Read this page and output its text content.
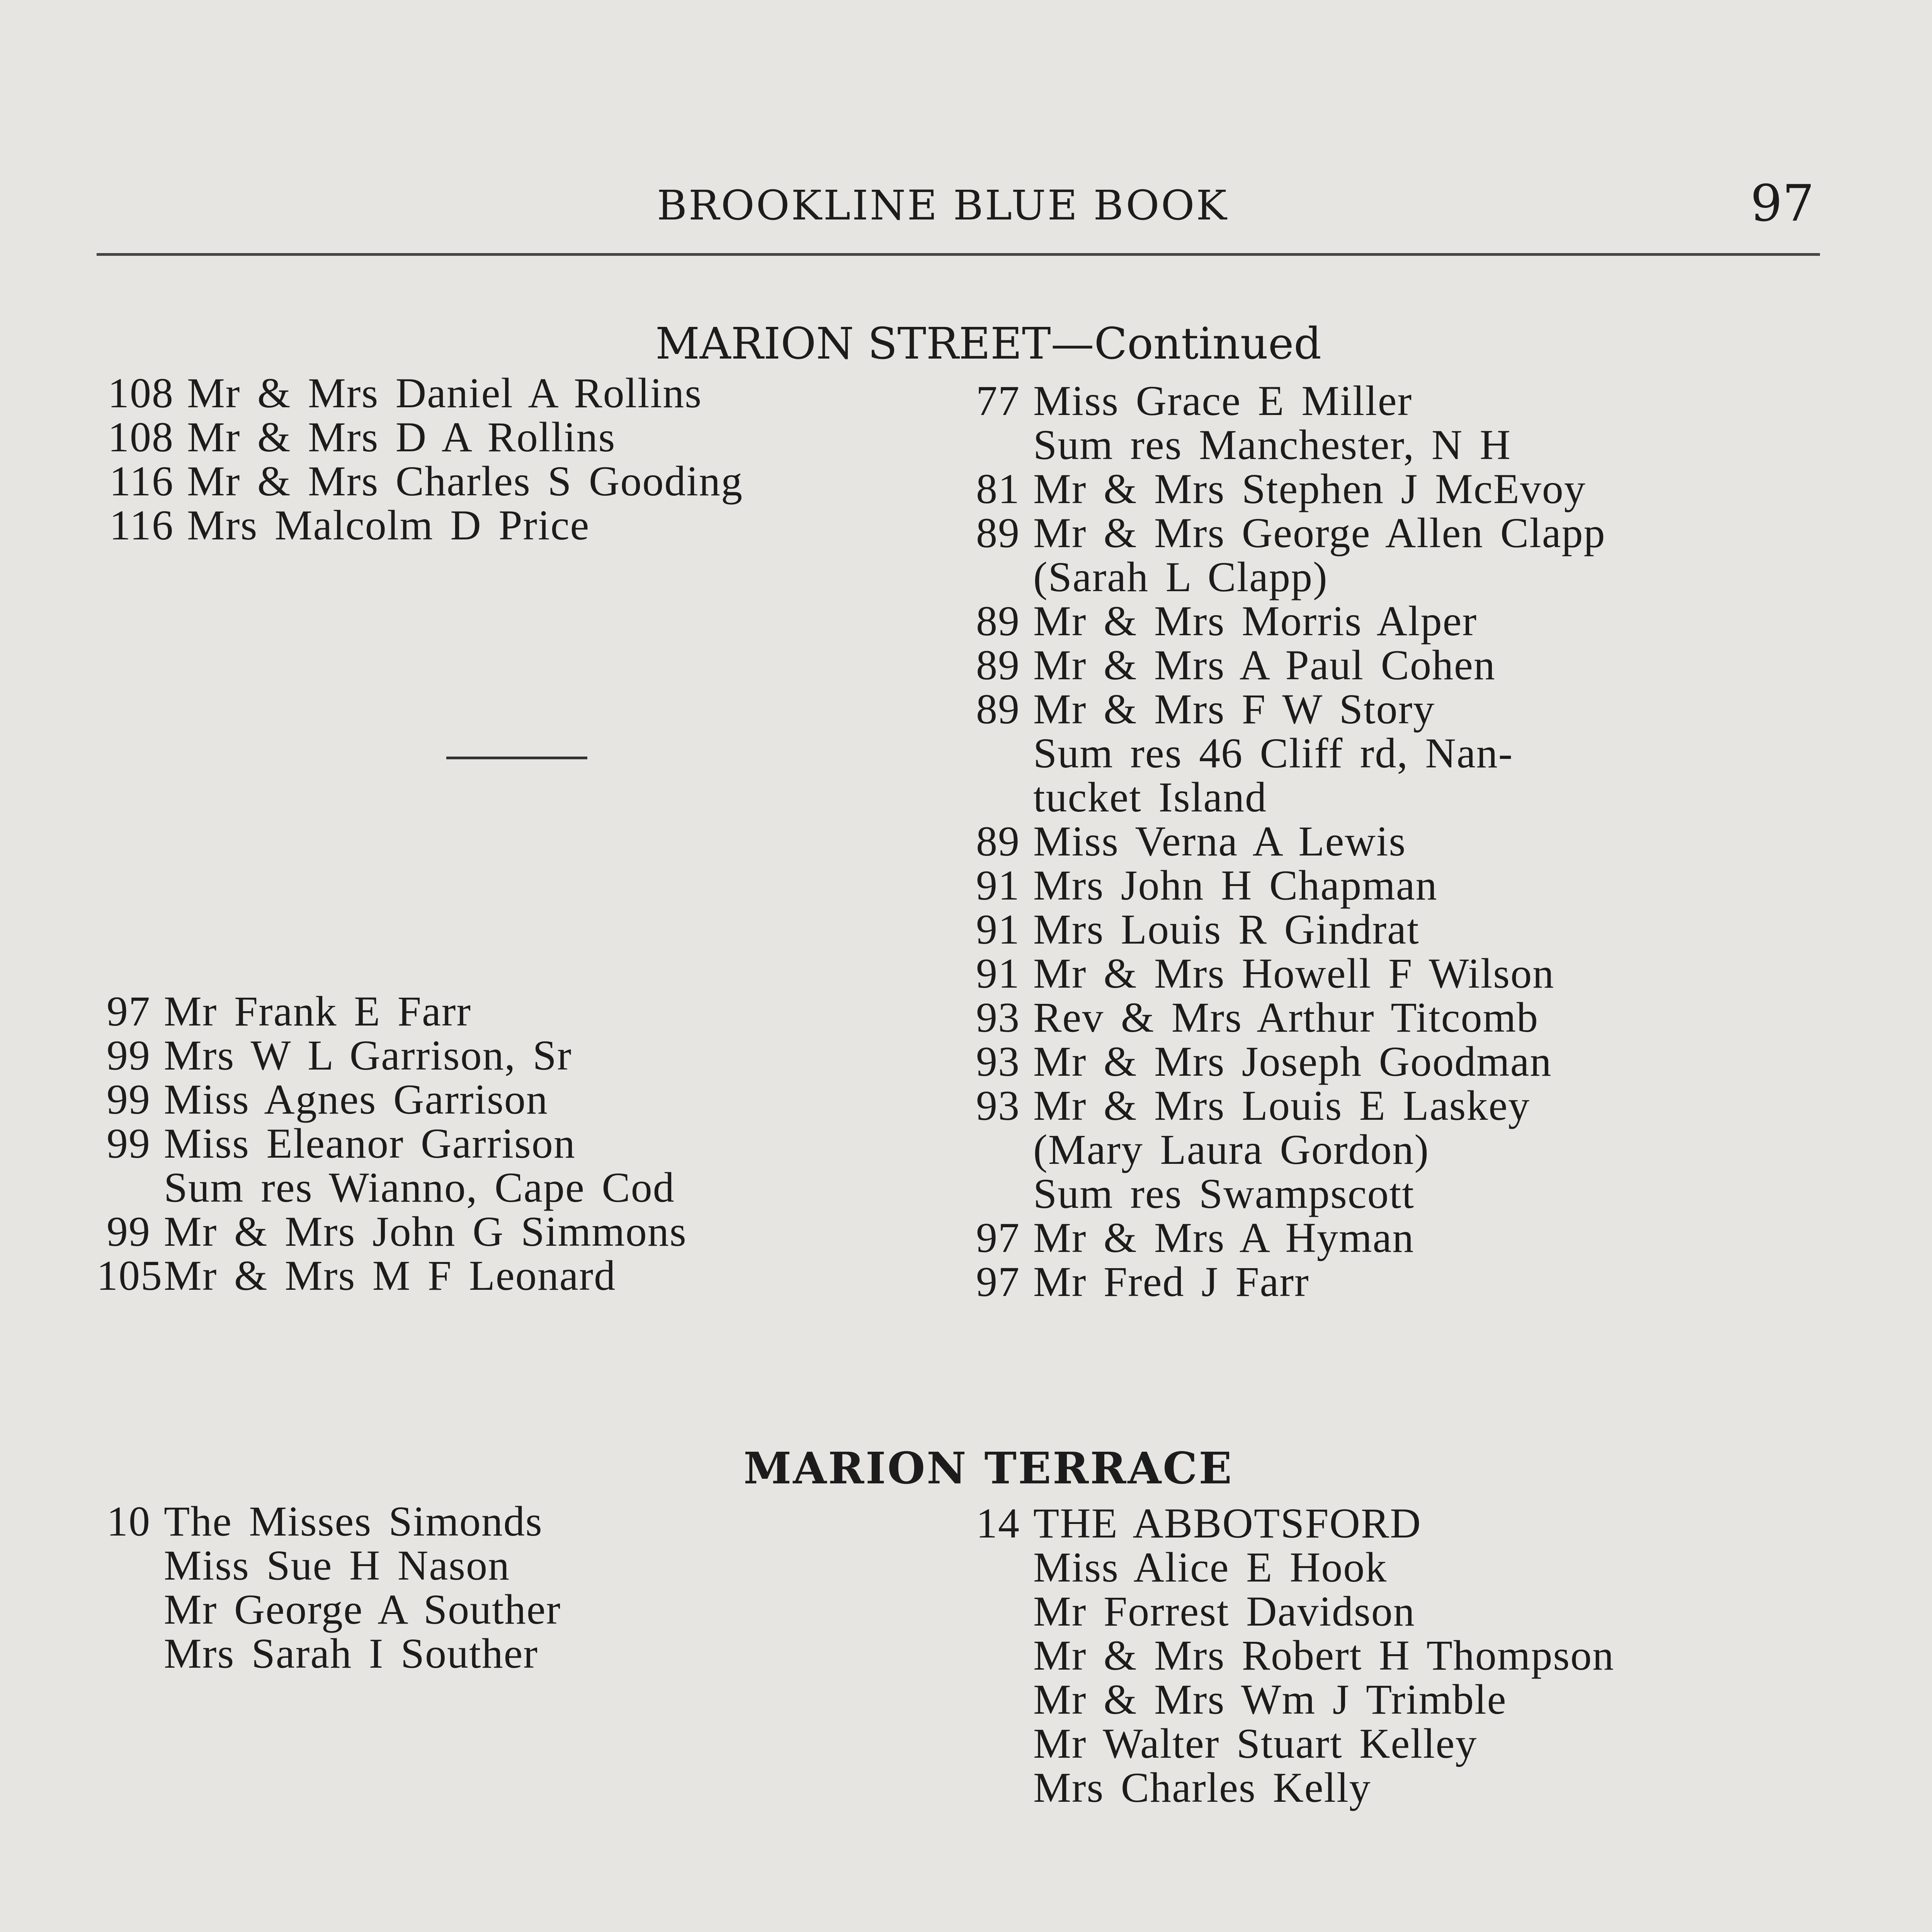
BROOKLINE BLUE BOOK	97
MARION STREET—Continued
108 Mr & Mrs Daniel A Rollins
108 Mr & Mrs D A Rollins
116 Mr & Mrs Charles S Gooding
116 Mrs Malcolm D Price
97 Mr Frank E Farr
99 Mrs W L Garrison, Sr
99 Miss Agnes Garrison
99 Miss Eleanor Garrison
Sum res Wianno, Cape Cod
99 Mr & Mrs John G Simmons
105Mr & Mrs M F Leonard
77 Miss Grace E Miller
Sum res Manchester, N H
81 Mr & Mrs Stephen J McEvoy
89 Mr & Mrs George Allen Clapp
(Sarah L Clapp)
89 Mr & Mrs Morris Alper
89 Mr & Mrs A Paul Cohen
89 Mr & Mrs F W Story
Sum res 46 Cliff rd, Nan-
tucket Island
89 Miss Verna A Lewis
91 Mrs John H Chapman
91 Mrs Louis R Gindrat
91 Mr & Mrs Howell F Wilson
93 Rev & Mrs Arthur Titcomb
93 Mr & Mrs Joseph Goodman
93 Mr & Mrs Louis E Laskey
(Mary Laura Gordon)
Sum res Swampscott
97 Mr & Mrs A Hyman
97 Mr Fred J Farr
MARION TERRACE
10 The Misses Simonds
Miss Sue H Nason
Mr George A Souther
Mrs Sarah I Souther
14 THE ABBOTSFORD
Miss Alice E Hook
Mr Forrest Davidson
Mr & Mrs Robert H Thompson
Mr & Mrs Wm J Trimble
Mr Walter Stuart Kelley
Mrs Charles Kelly
